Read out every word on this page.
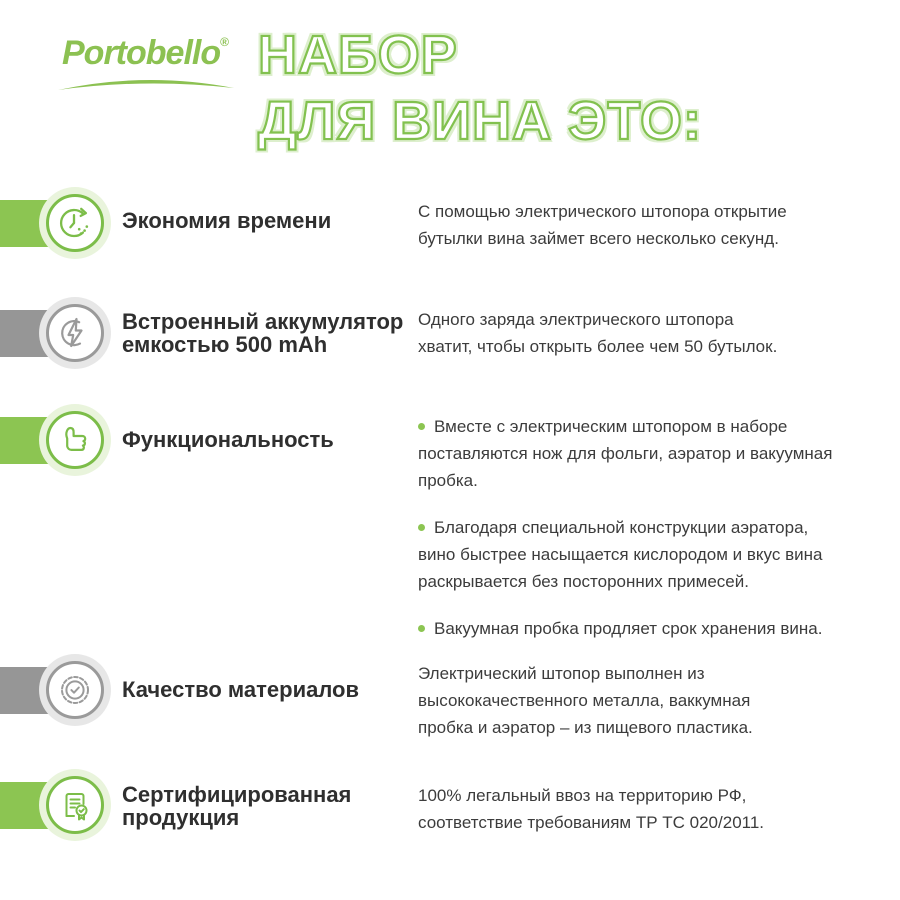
Portobello® НАБОР
ДЛЯ ВИНА ЭТО:
Экономия времени	С помощью электрического штопора открытие
бутылки вина займет всего несколько секунд.
Встроенный аккумулятор
емкостью 500 mAh
Одного заряда электрического штопора
хватит, чтобы открыть более чем 50 бутылок.
Функциональность
Вместе с электрическим штопором в наборе
поставляются нож для фольги, аэратор и вакуумная
пробка.
Благодаря специальной конструкции аэратора,
вино быстрее насыщается кислородом и вкус вина
раскрывается без посторонних примесей.
Вакуумная пробка продляет срок хранения вина.
Качество материалов
Электрический штопор выполнен из
высококачественного металла, ваккумная
пробка и аэратор – из пищевого пластика.
Сертифицированная
продукция
100% легальный ввоз на территорию РФ,
соответствие требованиям ТР ТС 020/2011.
